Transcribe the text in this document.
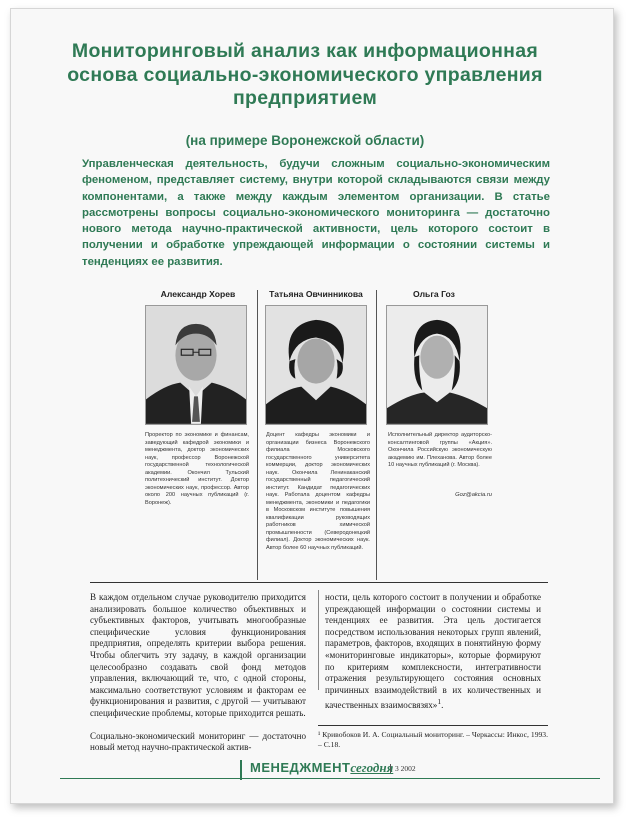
Мониторинговый анализ как информационная основа социально-экономического управления предприятием
(на примере Воронежской области)
Управленческая деятельность, будучи сложным социально-экономическим феноменом, представляет систему, внутри которой складываются связи между компонентами, а также между каждым элементом организации. В статье рассмотрены вопросы социально-экономического мониторинга — достаточно нового метода научно-практической активности, цель которого состоит в получении и обработке упреждающей информации о состоянии системы и тенденциях ее развития.
Александр Хорев	Татьяна Овчинникова	Ольга Гоз
Проректор по экономике и финансам, заведующий кафедрой экономики и менеджмента, доктор экономических наук, профессор Воронежской государственной технологической академии. Окончил Тульский политехнический институт. Доктор экономических наук, профессор. Автор около 200 научных публикаций (г. Воронеж).
Доцент кафедры экономики и организации бизнеса Воронежского филиала Московского государственного университета коммерции, доктор экономических наук. Окончила Ленинаканский государственный педагогический институт. Кандидат педагогических наук. Работала доцентом кафедры менеджмента, экономики и педагогики в Московском институте повышения квалификации руководящих работников химической промышленности (Северодонецкий филиал). Доктор экономических наук. Автор более 60 научных публикаций.
Исполнительный директор аудиторско-консалтинговой группы «Акция». Окончила Российскую экономическую академию им. Плеханова. Автор более 10 научных публикаций (г. Москва).
Goz@akcia.ru

В каждом отдельном случае руководителю приходится анализировать большое количество объективных и субъективных факторов, учитывать многообразные специфические условия функционирования предприятия, определять критерии выбора решения. Чтобы облегчить эту задачу, в каждой организации целесообразно создавать свой фонд методов управления, включающий те, что, с одной стороны, максимально соответствуют условиям и факторам ее функционирования и развития, с другой — учитывают специфические проблемы, которые приходится решать.

Социально-экономический мониторинг — достаточно новый метод научно-практической актив-

ности, цель которого состоит в получении и обработке упреждающей информации о состоянии системы и тенденциях ее развития. Эта цель достигается посредством использования некоторых групп явлений, параметров, факторов, входящих в понятийную форму «мониторинговые индикаторы», которые формируют по критериям комплексности, интегративности отражения результирующего состояния основных причинных взаимодействий в их количественных и качественных взаимосвязях»$^1$.

¹ Кривобоков И. А. Социальный мониторинг. – Черкассы: Инкос, 1993. – С.18.
МЕНЕДЖМЕНТ сегодня 3 2002
